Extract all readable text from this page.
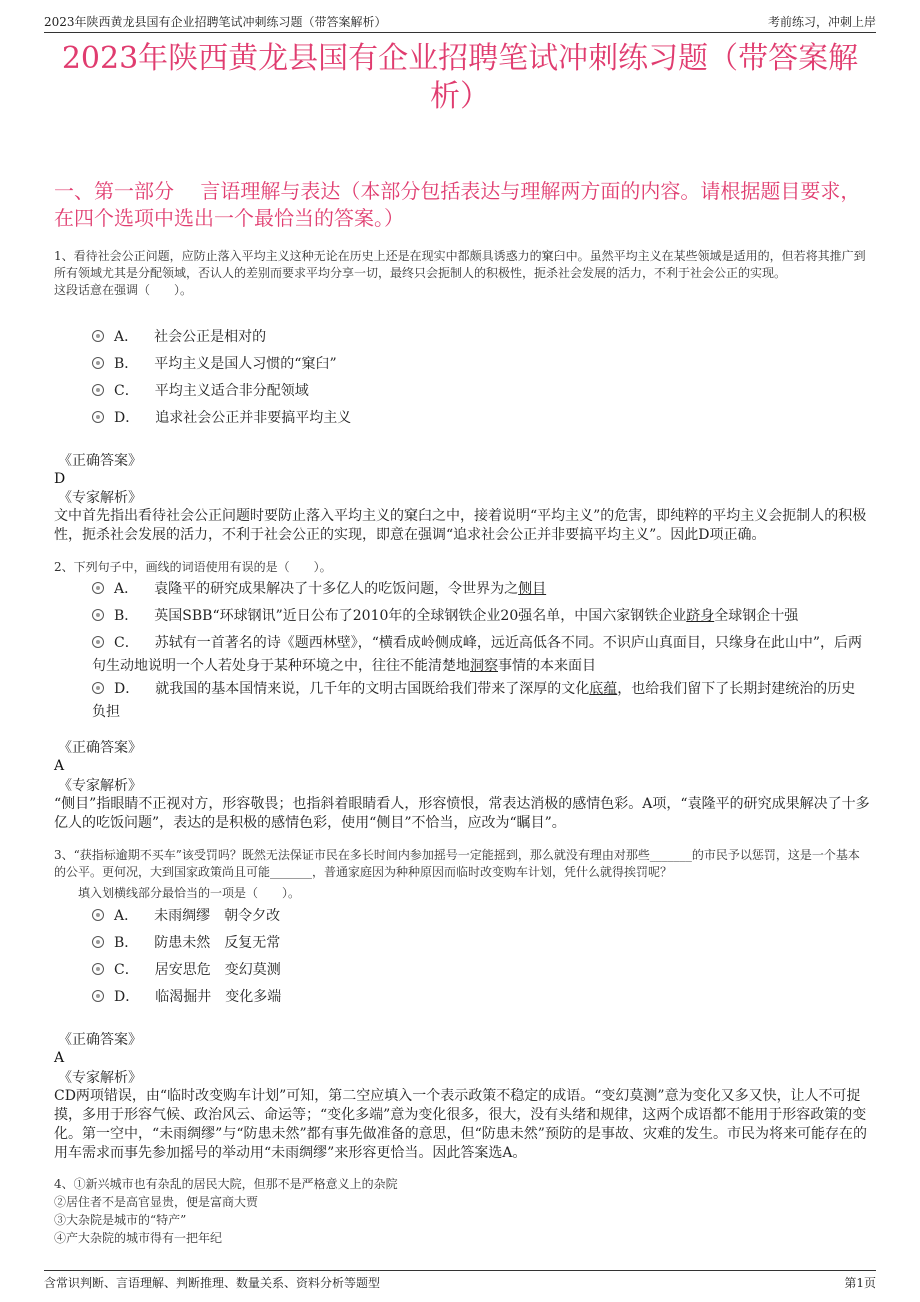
2023年陕西黄龙县国有企业招聘笔试冲刺练习题（带答案解析）	考前练习，冲刺上岸
2023年陕西黄龙县国有企业招聘笔试冲刺练习题（带答案解析）
一、第一部分　 言语理解与表达（本部分包括表达与理解两方面的内容。请根据题目要求，在四个选项中选出一个最恰当的答案。）
1、看待社会公正问题，应防止落入平均主义这种无论在历史上还是在现实中都颇具诱惑力的窠臼中。虽然平均主义在某些领域是适用的，但若将其推广到所有领域尤其是分配领域，否认人的差别而要求平均分享一切，最终只会扼制人的积极性，扼杀社会发展的活力，不利于社会公正的实现。
这段话意在强调（　　）。
A． 社会公正是相对的
B． 平均主义是国人习惯的“窠臼”
C． 平均主义适合非分配领域
D． 追求社会公正并非要搞平均主义
《正确答案》
D
《专家解析》
文中首先指出看待社会公正问题时要防止落入平均主义的窠臼之中，接着说明“平均主义”的危害，即纯粹的平均主义会扼制人的积极性，扼杀社会发展的活力，不利于社会公正的实现，即意在强调“追求社会公正并非要搞平均主义”。因此D项正确。
2、下列句子中，画线的词语使用有误的是（　　）。
A． 袁隆平的研究成果解决了十多亿人的吃饭问题，令世界为之侧目
B． 英国SBB“环球钢讯”近日公布了2010年的全球钢铁企业20强名单，中国六家钢铁企业跻身全球钢企十强
C． 苏轼有一首著名的诗《题西林壁》，“横看成岭侧成峰，远近高低各不同。不识庐山真面目，只缘身在此山中”，后两句生动地说明一个人若处身于某种环境之中，往往不能清楚地洞察事情的本来面目
D． 就我国的基本国情来说，几千年的文明古国既给我们带来了深厚的文化底蕴，也给我们留下了长期封建统治的历史负担
《正确答案》
A
《专家解析》
“侧目”指眼睛不正视对方，形容敬畏；也指斜着眼睛看人，形容愤恨，常表达消极的感情色彩。A项，“袁隆平的研究成果解决了十多亿人的吃饭问题”，表达的是积极的感情色彩，使用“侧目”不恰当，应改为“瞩目”。
3、“获指标逾期不买车”该受罚吗？既然无法保证市民在多长时间内参加摇号一定能摇到，那么就没有理由对那些_______的市民予以惩罚，这是一个基本的公平。更何况，大到国家政策尚且可能_______，普通家庭因为种种原因而临时改变购车计划，凭什么就得挨罚呢？
填入划横线部分最恰当的一项是（　　）。
A． 未雨绸缪　朝令夕改
B． 防患未然　反复无常
C． 居安思危　变幻莫测
D． 临渴掘井　变化多端
《正确答案》
A
《专家解析》
CD两项错误，由“临时改变购车计划”可知，第二空应填入一个表示政策不稳定的成语。“变幻莫测”意为变化又多又快，让人不可捉摸，多用于形容气候、政治风云、命运等；“变化多端”意为变化很多，很大，没有头绪和规律，这两个成语都不能用于形容政策的变化。第一空中，“未雨绸缪”与“防患未然”都有事先做准备的意思，但“防患未然”预防的是事故、灾难的发生。市民为将来可能存在的用车需求而事先参加摇号的举动用“未雨绸缪”来形容更恰当。因此答案选A。
4、①新兴城市也有杂乱的居民大院，但那不是严格意义上的杂院
②居住者不是高官显贵，便是富商大贾
③大杂院是城市的“特产”
④产大杂院的城市得有一把年纪
含常识判断、言语理解、判断推理、数量关系、资料分析等题型	第1页
